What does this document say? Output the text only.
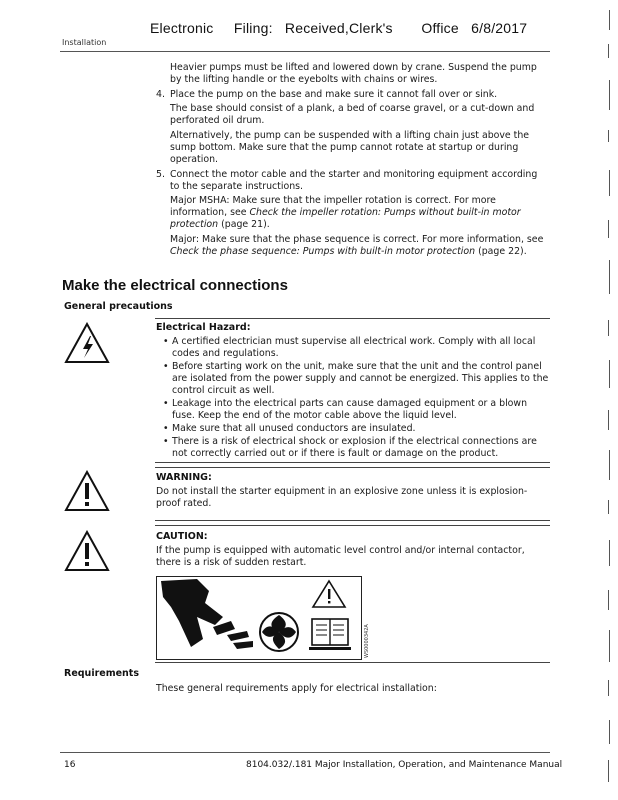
Electronic     Filing:   Received,Clerk's       Office   6/8/2017
Installation

Heavier pumps must be lifted and lowered down by crane. Suspend the pump by the lifting handle or the eyebolts with chains or wires.

4. Place the pump on the base and make sure it cannot fall over or sink.

The base should consist of a plank, a bed of coarse gravel, or a cut-down and perforated oil drum.

Alternatively, the pump can be suspended with a lifting chain just above the sump bottom. Make sure that the pump cannot rotate at startup or during operation.

5. Connect the motor cable and the starter and monitoring equipment according to the separate instructions.

Major MSHA: Make sure that the impeller rotation is correct. For more information, see Check the impeller rotation: Pumps without built-in motor protection (page 21).

Major: Make sure that the phase sequence is correct. For more information, see Check the phase sequence: Pumps with built-in motor protection (page 22).

Make the electrical connections
General precautions
Electrical Hazard:
• A certified electrician must supervise all electrical work. Comply with all local codes and regulations.
• Before starting work on the unit, make sure that the unit and the control panel are isolated from the power supply and cannot be energized. This applies to the control circuit as well.
• Leakage into the electrical parts can cause damaged equipment or a blown fuse. Keep the end of the motor cable above the liquid level.
• Make sure that all unused conductors are insulated.
• There is a risk of electrical shock or explosion if the electrical connections are not correctly carried out or if there is fault or damage on the product.
WARNING:
Do not install the starter equipment in an explosive zone unless it is explosion-proof rated.
CAUTION:
If the pump is equipped with automatic level control and/or internal contactor, there is a risk of sudden restart.
WS0000342A
Requirements
These general requirements apply for electrical installation:
16	8104.032/.181 Major Installation, Operation, and Maintenance Manual
